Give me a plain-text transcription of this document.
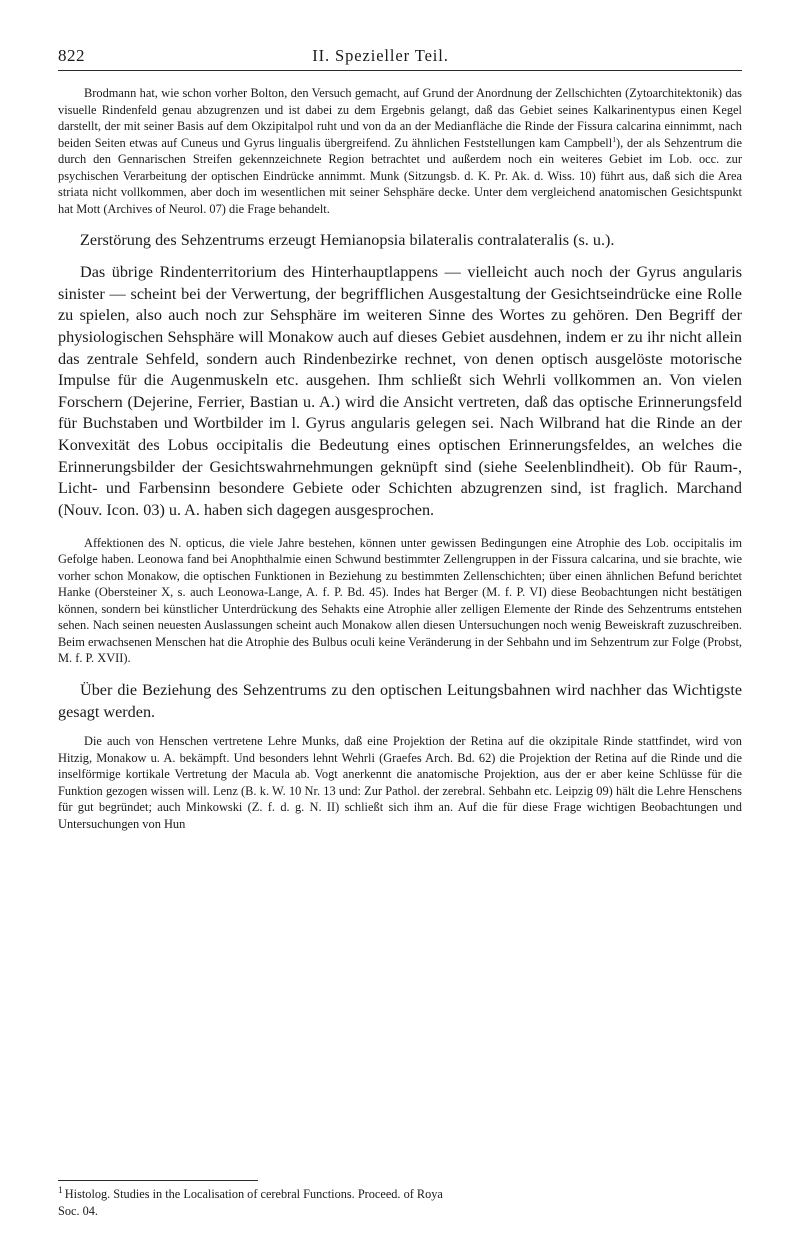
822	II. Spezieller Teil.

Brodmann hat, wie schon vorher Bolton, den Versuch gemacht, auf Grund der Anordnung der Zellschichten (Zytoarchitektonik) das visuelle Rindenfeld genau abzugrenzen und ist dabei zu dem Ergebnis gelangt, daß das Gebiet seines Kalkarinentypus einen Kegel darstellt, der mit seiner Basis auf dem Okzipitalpol ruht und von da an der Medianfläche die Rinde der Fissura calcarina einnimmt, nach beiden Seiten etwas auf Cuneus und Gyrus lingualis übergreifend. Zu ähnlichen Feststellungen kam Campbell$^1$), der als Sehzentrum die durch den Gennarischen Streifen gekennzeichnete Region betrachtet und außerdem noch ein weiteres Gebiet im Lob. occ. zur psychischen Verarbeitung der optischen Eindrücke annimmt. Munk (Sitzungsb. d. K. Pr. Ak. d. Wiss. 10) führt aus, daß sich die Area striata nicht vollkommen, aber doch im wesentlichen mit seiner Sehsphäre decke. Unter dem vergleichend anatomischen Gesichtspunkt hat Mott (Archives of Neurol. 07) die Frage behandelt.

Zerstörung des Sehzentrums erzeugt Hemianopsia bilateralis contralateralis (s. u.).

Das übrige Rindenterritorium des Hinterhauptlappens — vielleicht auch noch der Gyrus angularis sinister — scheint bei der Verwertung, der begrifflichen Ausgestaltung der Gesichtseindrücke eine Rolle zu spielen, also auch noch zur Sehsphäre im weiteren Sinne des Wortes zu gehören. Den Begriff der physiologischen Sehsphäre will Monakow auch auf dieses Gebiet ausdehnen, indem er zu ihr nicht allein das zentrale Sehfeld, sondern auch Rindenbezirke rechnet, von denen optisch ausgelöste motorische Impulse für die Augenmuskeln etc. ausgehen. Ihm schließt sich Wehrli vollkommen an. Von vielen Forschern (Dejerine, Ferrier, Bastian u. A.) wird die Ansicht vertreten, daß das optische Erinnerungsfeld für Buchstaben und Wortbilder im l. Gyrus angularis gelegen sei. Nach Wilbrand hat die Rinde an der Konvexität des Lobus occipitalis die Bedeutung eines optischen Erinnerungsfeldes, an welches die Erinnerungsbilder der Gesichtswahrnehmungen geknüpft sind (siehe Seelenblindheit). Ob für Raum-, Licht- und Farbensinn besondere Gebiete oder Schichten abzugrenzen sind, ist fraglich. Marchand (Nouv. Icon. 03) u. A. haben sich dagegen ausgesprochen.

Affektionen des N. opticus, die viele Jahre bestehen, können unter gewissen Bedingungen eine Atrophie des Lob. occipitalis im Gefolge haben. Leonowa fand bei Anophthalmie einen Schwund bestimmter Zellengruppen in der Fissura calcarina, und sie brachte, wie vorher schon Monakow, die optischen Funktionen in Beziehung zu bestimmten Zellenschichten; über einen ähnlichen Befund berichtet Hanke (Obersteiner X, s. auch Leonowa-Lange, A. f. P. Bd. 45). Indes hat Berger (M. f. P. VI) diese Beobachtungen nicht bestätigen können, sondern bei künstlicher Unterdrückung des Sehakts eine Atrophie aller zelligen Elemente der Rinde des Sehzentrums entstehen sehen. Nach seinen neuesten Auslassungen scheint auch Monakow allen diesen Untersuchungen noch wenig Beweiskraft zuzuschreiben. Beim erwachsenen Menschen hat die Atrophie des Bulbus oculi keine Veränderung in der Sehbahn und im Sehzentrum zur Folge (Probst, M. f. P. XVII).

Über die Beziehung des Sehzentrums zu den optischen Leitungsbahnen wird nachher das Wichtigste gesagt werden.

Die auch von Henschen vertretene Lehre Munks, daß eine Projektion der Retina auf die okzipitale Rinde stattfindet, wird von Hitzig, Monakow u. A. bekämpft. Und besonders lehnt Wehrli (Graefes Arch. Bd. 62) die Projektion der Retina auf die Rinde und die inselförmige kortikale Vertretung der Macula ab. Vogt anerkennt die anatomische Projektion, aus der er aber keine Schlüsse für die Funktion gezogen wissen will. Lenz (B. k. W. 10 Nr. 13 und: Zur Pathol. der zerebral. Sehbahn etc. Leipzig 09) hält die Lehre Henschens für gut begründet; auch Minkowski (Z. f. d. g. N. II) schließt sich ihm an. Auf die für diese Frage wichtigen Beobachtungen und Untersuchungen von Hun

$^1$ Histolog. Studies in the Localisation of cerebral Functions. Proceed. of Roya
Soc. 04.
